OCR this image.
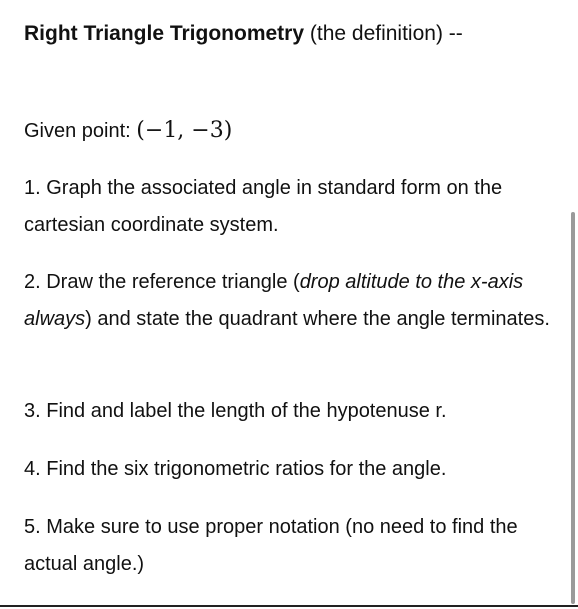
Right Triangle Trigonometry (the definition) --
Given point: (−1, −3)
1. Graph the associated angle in standard form on the cartesian coordinate system.
2. Draw the reference triangle (drop altitude to the x-axis always) and state the quadrant where the angle terminates.
3. Find and label the length of the hypotenuse r.
4. Find the six trigonometric ratios for the angle.
5. Make sure to use proper notation (no need to find the actual angle.)
